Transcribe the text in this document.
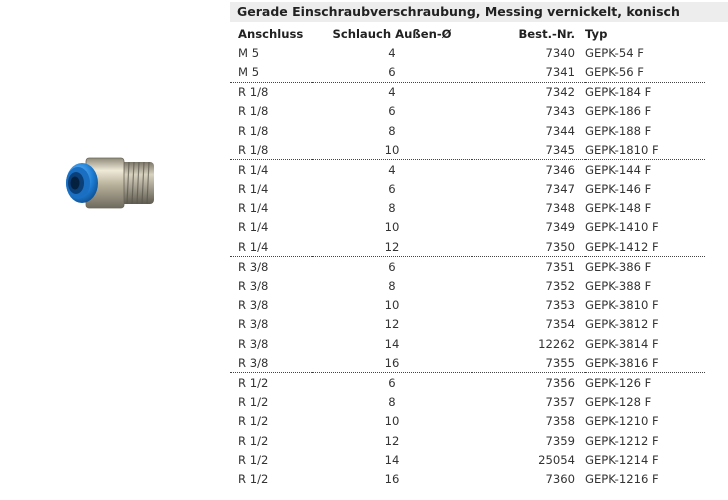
Gerade Einschraubverschraubung, Messing vernickelt, konisch
Anschluss	Schlauch Außen-Ø	Best.-Nr.	Typ
M 5	4	7340	GEPK-54 F
M 5	6	7341	GEPK-56 F
R 1/8	4	7342	GEPK-184 F
R 1/8	6	7343	GEPK-186 F
R 1/8	8	7344	GEPK-188 F
R 1/8	10	7345	GEPK-1810 F
R 1/4	4	7346	GEPK-144 F
R 1/4	6	7347	GEPK-146 F
R 1/4	8	7348	GEPK-148 F
R 1/4	10	7349	GEPK-1410 F
R 1/4	12	7350	GEPK-1412 F
R 3/8	6	7351	GEPK-386 F
R 3/8	8	7352	GEPK-388 F
R 3/8	10	7353	GEPK-3810 F
R 3/8	12	7354	GEPK-3812 F
R 3/8	14	12262	GEPK-3814 F
R 3/8	16	7355	GEPK-3816 F
R 1/2	6	7356	GEPK-126 F
R 1/2	8	7357	GEPK-128 F
R 1/2	10	7358	GEPK-1210 F
R 1/2	12	7359	GEPK-1212 F
R 1/2	14	25054	GEPK-1214 F
R 1/2	16	7360	GEPK-1216 F
